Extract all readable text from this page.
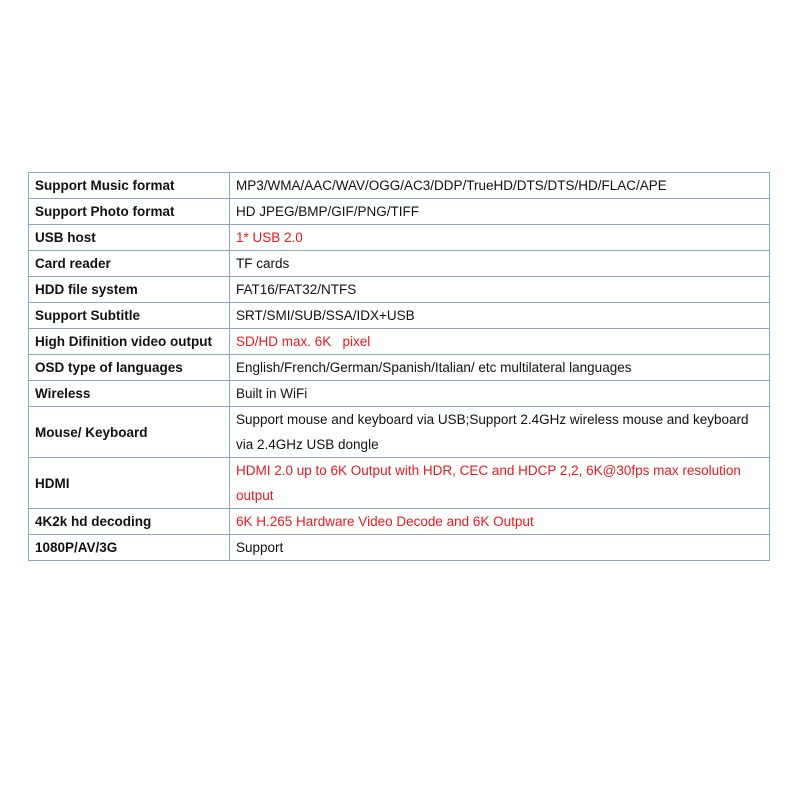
Support Music format	MP3/WMA/AAC/WAV/OGG/AC3/DDP/TrueHD/DTS/DTS/HD/FLAC/APE
Support Photo format	HD JPEG/BMP/GIF/PNG/TIFF
USB host	1* USB 2.0
Card reader	TF cards
HDD file system	FAT16/FAT32/NTFS
Support Subtitle	SRT/SMI/SUB/SSA/IDX+USB
High Difinition video output	SD/HD max. 6K   pixel
OSD type of languages	English/French/German/Spanish/Italian/ etc multilateral languages
Wireless	Built in WiFi
Mouse/ Keyboard	Support mouse and keyboard via USB;Support 2.4GHz wireless mouse and keyboard via 2.4GHz USB dongle
HDMI	HDMI 2.0 up to 6K Output with HDR, CEC and HDCP 2,2, 6K@30fps max resolution output
4K2k hd decoding	6K H.265 Hardware Video Decode and 6K Output
1080P/AV/3G	Support
